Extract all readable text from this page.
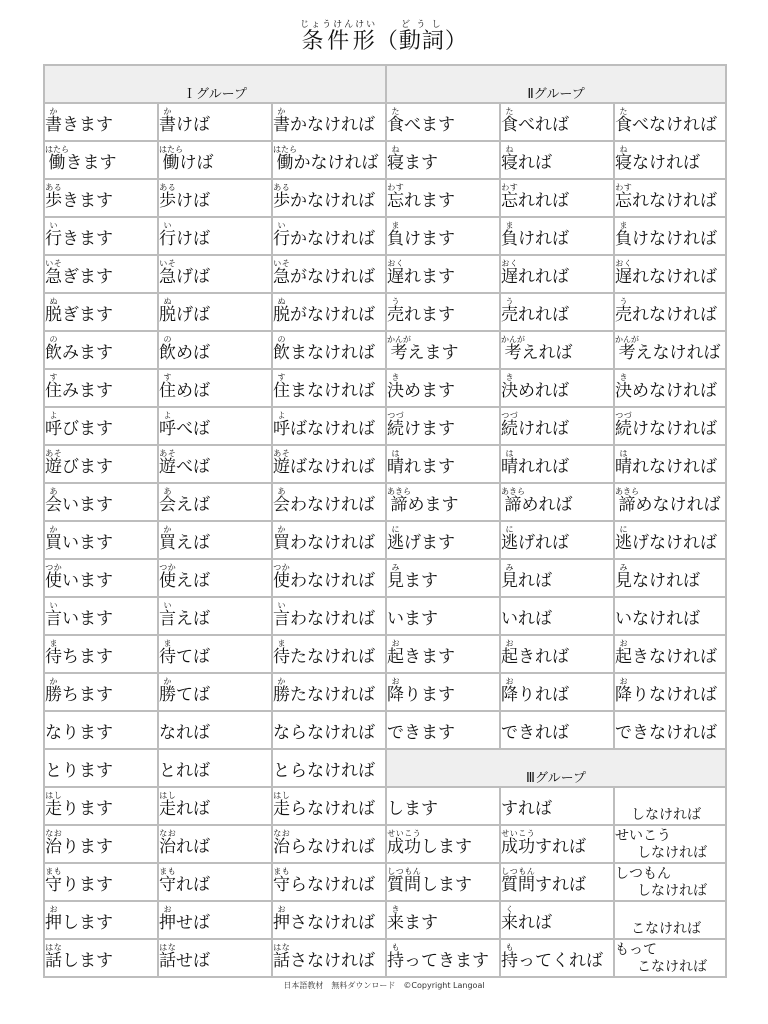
条件形じょうけんけい（動詞どうし）
Ｉグループ			Ⅱグループ		
書かきます	書かけば	書かかなければ	食たべます	食たべれば	食たべなければ
働はたらきます	働はたらけば	働はたらかなければ	寝ねます	寝ねれば	寝ねなければ
歩あるきます	歩あるけば	歩あるかなければ	忘わすれます	忘わすれれば	忘わすれなければ
行いきます	行いけば	行いかなければ	負まけます	負まければ	負まけなければ
急いそぎます	急いそげば	急いそがなければ	遅おくれます	遅おくれれば	遅おくれなければ
脱ぬぎます	脱ぬげば	脱ぬがなければ	売うれます	売うれれば	売うれなければ
飲のみます	飲のめば	飲のまなければ	考かんがえます	考かんがえれば	考かんがえなければ
住すみます	住すめば	住すまなければ	決きめます	決きめれば	決きめなければ
呼よびます	呼よべば	呼よばなければ	続つづけます	続つづければ	続つづけなければ
遊あそびます	遊あそべば	遊あそばなければ	晴はれます	晴はれれば	晴はれなければ
会あいます	会あえば	会あわなければ	諦あきらめます	諦あきらめれば	諦あきらめなければ
買かいます	買かえば	買かわなければ	逃にげます	逃にげれば	逃にげなければ
使つかいます	使つかえば	使つかわなければ	見みます	見みれば	見みなければ
言いいます	言いえば	言いわなければ	います	いれば	いなければ
待まちます	待まてば	待またなければ	起おきます	起おきれば	起おきなければ
勝かちます	勝かてば	勝かたなければ	降おります	降おりれば	降おりなければ
なります	なれば	ならなければ	できます	できれば	できなければ
とります	とれば	とらなければ	Ⅲグループ		
走はしります	走はしれば	走はしらなければ	します	すれば	しなければ

治なおります	治なおれば	治なおらなければ	成功せいこうします	成功せいこうすれば	せいこう
しなければ

守まもります	守まもれば	守まもらなければ	質問しつもんします	質問しつもんすれば	しつもん
しなければ

押おします	押おせば	押おさなければ	来きます	来くれば	こなければ

話はなします	話はなせば	話はなさなければ	持もってきます	持もってくれば	もって
こなければ
日本語教材　無料ダウンロード　©Copyright Langoal
